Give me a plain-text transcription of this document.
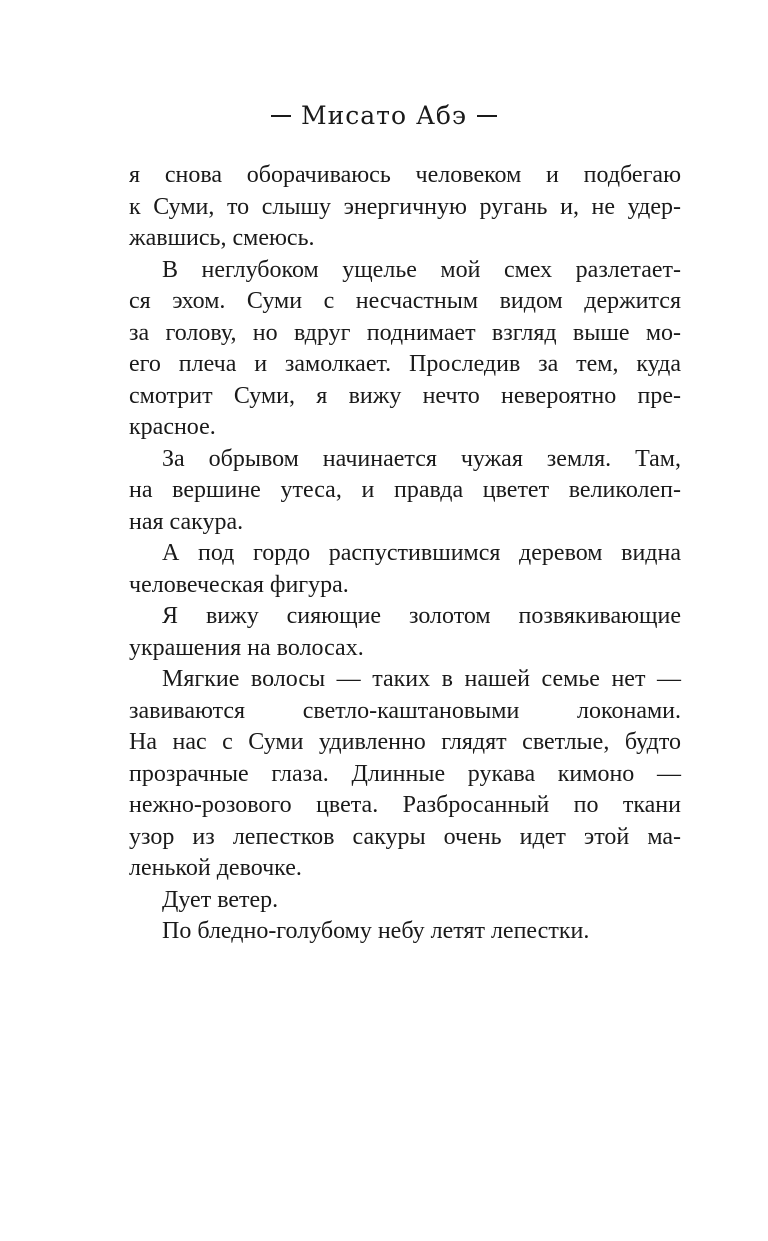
Мисато Абэ

я снова оборачиваюсь человеком и подбегаю
к Суми, то слышу энергичную ругань и, не удер-
жавшись, смеюсь.

В неглубоком ущелье мой смех разлетает-
ся эхом. Суми с несчастным видом держится
за голову, но вдруг поднимает взгляд выше мо-
его плеча и замолкает. Проследив за тем, куда
смотрит Суми, я вижу нечто невероятно пре-
красное.

За обрывом начинается чужая земля. Там,
на вершине утеса, и правда цветет великолеп-
ная сакура.

А под гордо распустившимся деревом видна
человеческая фигура.

Я вижу сияющие золотом позвякивающие
украшения на волосах.

Мягкие волосы — таких в нашей семье нет —
завиваются светло-каштановыми локонами.
На нас с Суми удивленно глядят светлые, будто
прозрачные глаза. Длинные рукава кимоно —
нежно-розового цвета. Разбросанный по ткани
узор из лепестков сакуры очень идет этой ма-
ленькой девочке.

Дует ветер.

По бледно-голубому небу летят лепестки.
